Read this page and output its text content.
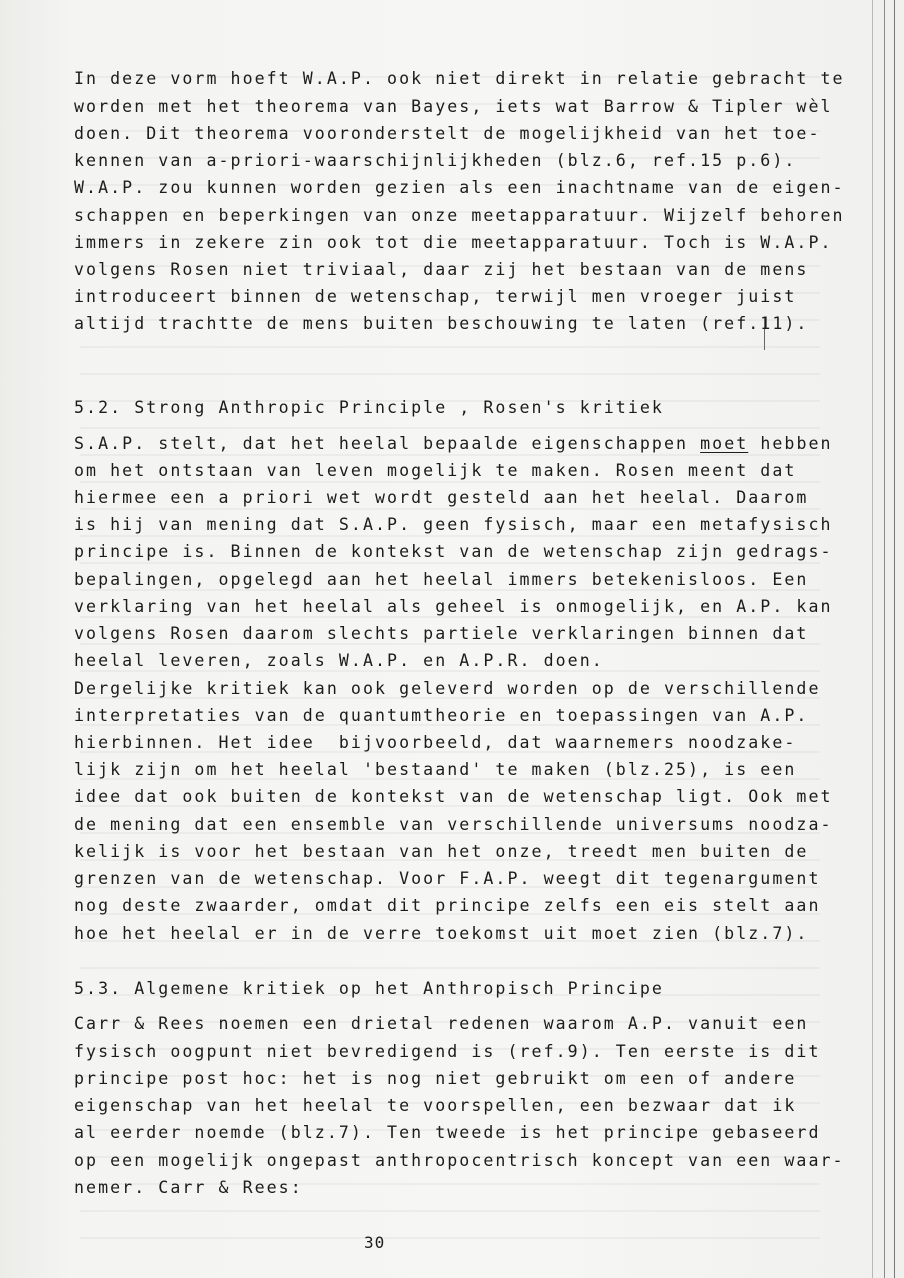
In deze vorm hoeft W.A.P. ook niet direkt in relatie gebracht te
worden met het theorema van Bayes, iets wat Barrow & Tipler wèl
doen. Dit theorema vooronderstelt de mogelijkheid van het toe-
kennen van a-priori-waarschijnlijkheden (blz.6, ref.15 p.6).
W.A.P. zou kunnen worden gezien als een inachtname van de eigen-
schappen en beperkingen van onze meetapparatuur. Wijzelf behoren
immers in zekere zin ook tot die meetapparatuur. Toch is W.A.P.
volgens Rosen niet triviaal, daar zij het bestaan van de mens
introduceert binnen de wetenschap, terwijl men vroeger juist
altijd trachtte de mens buiten beschouwing te laten (ref.11).
5.2. Strong Anthropic Principle , Rosen's kritiek
S.A.P. stelt, dat het heelal bepaalde eigenschappen moet hebben
om het ontstaan van leven mogelijk te maken. Rosen meent dat
hiermee een a priori wet wordt gesteld aan het heelal. Daarom
is hij van mening dat S.A.P. geen fysisch, maar een metafysisch
principe is. Binnen de kontekst van de wetenschap zijn gedrags-
bepalingen, opgelegd aan het heelal immers betekenisloos. Een
verklaring van het heelal als geheel is onmogelijk, en A.P. kan
volgens Rosen daarom slechts partiele verklaringen binnen dat
heelal leveren, zoals W.A.P. en A.P.R. doen.
Dergelijke kritiek kan ook geleverd worden op de verschillende
interpretaties van de quantumtheorie en toepassingen van A.P.
hierbinnen. Het idee  bijvoorbeeld, dat waarnemers noodzake-
lijk zijn om het heelal 'bestaand' te maken (blz.25), is een
idee dat ook buiten de kontekst van de wetenschap ligt. Ook met
de mening dat een ensemble van verschillende universums noodza-
kelijk is voor het bestaan van het onze, treedt men buiten de
grenzen van de wetenschap. Voor F.A.P. weegt dit tegenargument
nog deste zwaarder, omdat dit principe zelfs een eis stelt aan
hoe het heelal er in de verre toekomst uit moet zien (blz.7).
5.3. Algemene kritiek op het Anthropisch Principe
Carr & Rees noemen een drietal redenen waarom A.P. vanuit een
fysisch oogpunt niet bevredigend is (ref.9). Ten eerste is dit
principe post hoc: het is nog niet gebruikt om een of andere
eigenschap van het heelal te voorspellen, een bezwaar dat ik
al eerder noemde (blz.7). Ten tweede is het principe gebaseerd
op een mogelijk ongepast anthropocentrisch koncept van een waar-
nemer. Carr & Rees:
30
